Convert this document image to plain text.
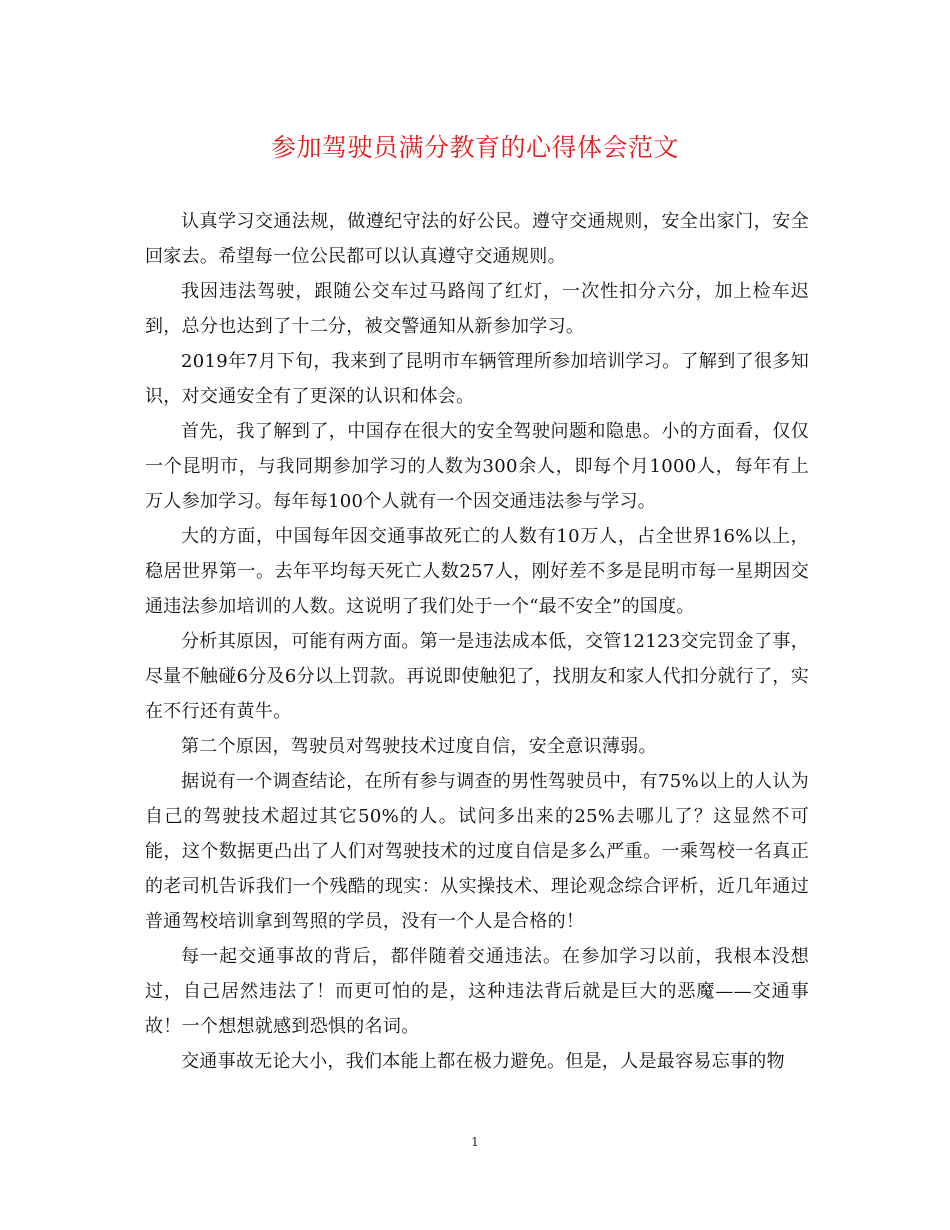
参加驾驶员满分教育的心得体会范文

认真学习交通法规，做遵纪守法的好公民。遵守交通规则，安全出家门，安全回家去。希望每一位公民都可以认真遵守交通规则。

我因违法驾驶，跟随公交车过马路闯了红灯，一次性扣分六分，加上检车迟到，总分也达到了十二分，被交警通知从新参加学习。

2019年7月下旬，我来到了昆明市车辆管理所参加培训学习。了解到了很多知识，对交通安全有了更深的认识和体会。

首先，我了解到了，中国存在很大的安全驾驶问题和隐患。小的方面看，仅仅一个昆明市，与我同期参加学习的人数为300余人，即每个月1000人，每年有上万人参加学习。每年每100个人就有一个因交通违法参与学习。

大的方面，中国每年因交通事故死亡的人数有10万人，占全世界16%以上，稳居世界第一。去年平均每天死亡人数257人，刚好差不多是昆明市每一星期因交通违法参加培训的人数。这说明了我们处于一个“最不安全”的国度。

分析其原因，可能有两方面。第一是违法成本低，交管12123交完罚金了事，尽量不触碰6分及6分以上罚款。再说即使触犯了，找朋友和家人代扣分就行了，实在不行还有黄牛。

第二个原因，驾驶员对驾驶技术过度自信，安全意识薄弱。

据说有一个调查结论，在所有参与调查的男性驾驶员中，有75%以上的人认为自己的驾驶技术超过其它50%的人。试问多出来的25%去哪儿了？这显然不可能，这个数据更凸出了人们对驾驶技术的过度自信是多么严重。一乘驾校一名真正的老司机告诉我们一个残酷的现实：从实操技术、理论观念综合评析，近几年通过普通驾校培训拿到驾照的学员，没有一个人是合格的！

每一起交通事故的背后，都伴随着交通违法。在参加学习以前，我根本没想过，自己居然违法了！而更可怕的是，这种违法背后就是巨大的恶魔——交通事故！一个想想就感到恐惧的名词。

交通事故无论大小，我们本能上都在极力避免。但是，人是最容易忘事的物

1
